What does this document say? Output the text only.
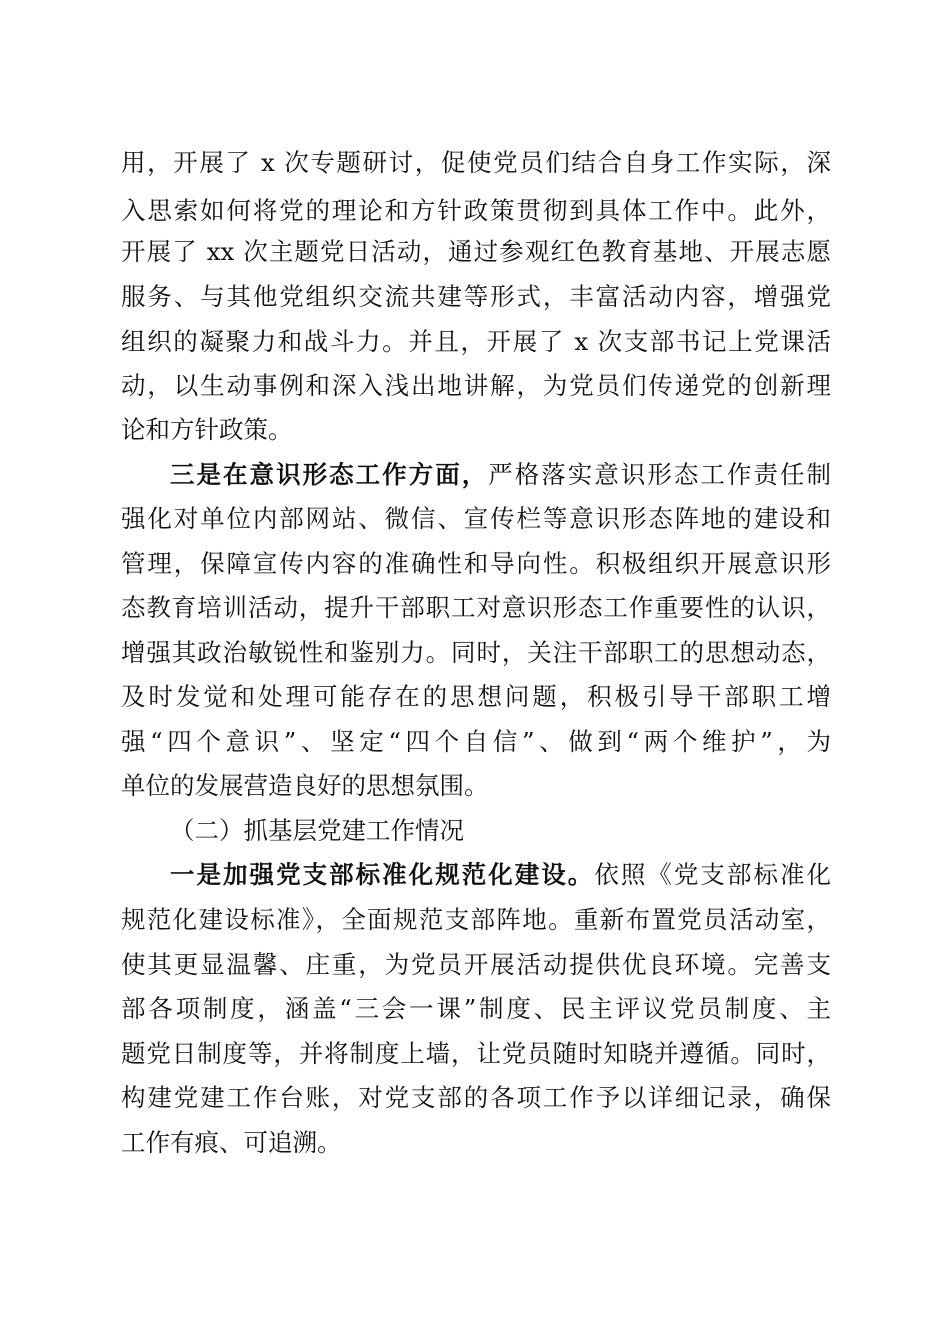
用，开展了 x 次专题研讨，促使党员们结合自身工作实际，深
入思索如何将党的理论和方针政策贯彻到具体工作中。此外，
开展了 xx 次主题党日活动，通过参观红色教育基地、开展志愿
服务、与其他党组织交流共建等形式，丰富活动内容，增强党
组织的凝聚力和战斗力。并且，开展了 x 次支部书记上党课活
动，以生动事例和深入浅出地讲解，为党员们传递党的创新理
论和方针政策。
三是在意识形态工作方面，严格落实意识形态工作责任制
强化对单位内部网站、微信、宣传栏等意识形态阵地的建设和
管理，保障宣传内容的准确性和导向性。积极组织开展意识形
态教育培训活动，提升干部职工对意识形态工作重要性的认识，
增强其政治敏锐性和鉴别力。同时，关注干部职工的思想动态，
及时发觉和处理可能存在的思想问题，积极引导干部职工增
强“四个意识”、坚定“四个自信”、做到“两个维护”，为
单位的发展营造良好的思想氛围。
（二）抓基层党建工作情况
一是加强党支部标准化规范化建设。依照《党支部标准化
规范化建设标准》，全面规范支部阵地。重新布置党员活动室，
使其更显温馨、庄重，为党员开展活动提供优良环境。完善支
部各项制度，涵盖“三会一课”制度、民主评议党员制度、主
题党日制度等，并将制度上墙，让党员随时知晓并遵循。同时，
构建党建工作台账，对党支部的各项工作予以详细记录，确保
工作有痕、可追溯。
